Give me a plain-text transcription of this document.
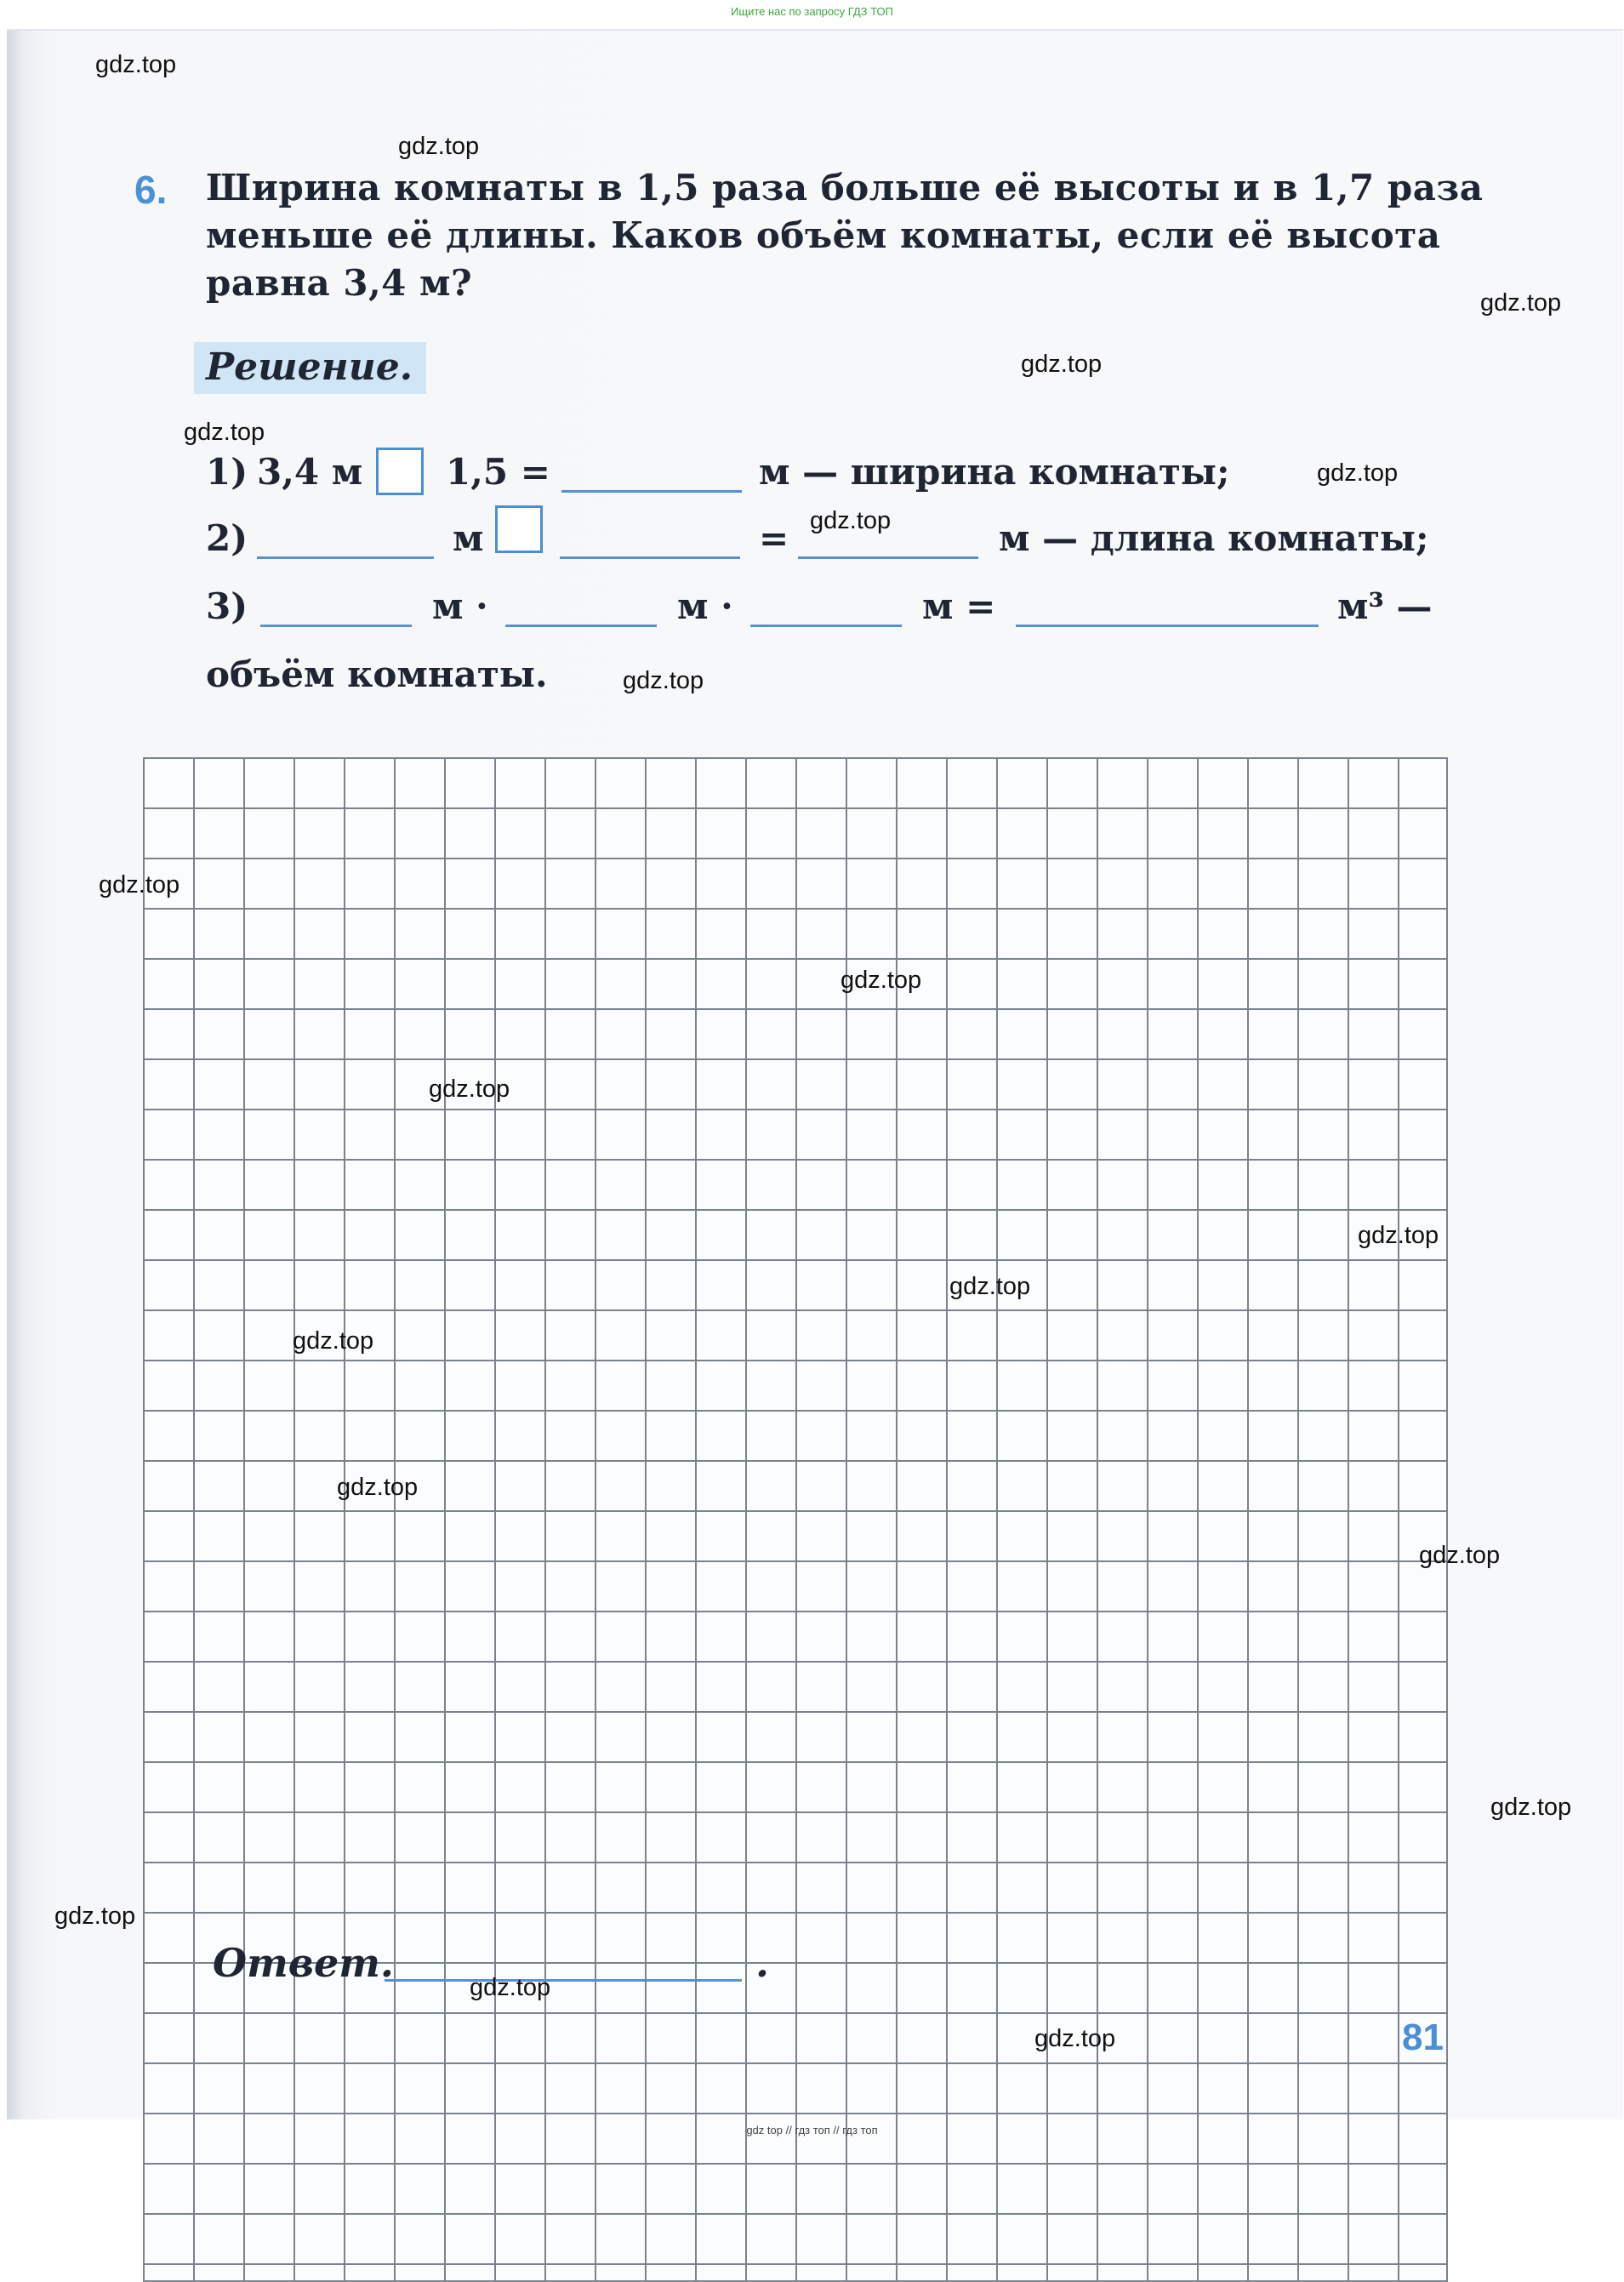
Ищите нас по запросу ГДЗ ТОП
6. Ширина комнаты в 1,5 раза больше её высоты и в 1,7 раза
меньше её длины. Каков объём комнаты, если её высота
равна 3,4 м?
Решение.
1) 3,4 м 1,5 =	м — ширина комнаты;
2)	м	=	м — длина комнаты;
3)	м ·	м ·	м =	м³ —
объём комнаты.
Ответ.	.
81
gdz.top
gdz.top
gdz.top
gdz.top
gdz.top
gdz.top
gdz.top
gdz.top
gdz.top
gdz.top
gdz.top
gdz.top
gdz.top
gdz.top
gdz.top
gdz.top
gdz.top
gdz.top
gdz.top
gdz.top
gdz top // гдз топ // гдз топ
